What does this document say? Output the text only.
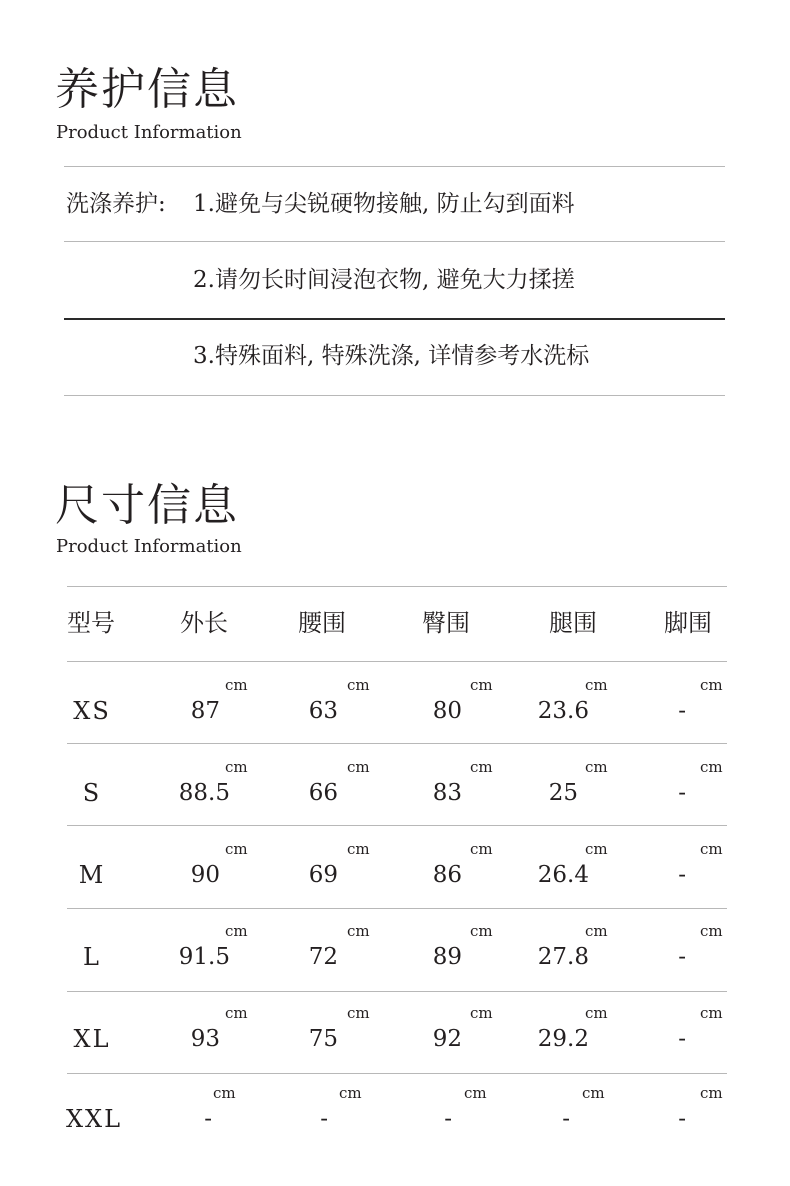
养护信息
Product Information
洗涤养护: 1.避免与尖锐硬物接触, 防止勾到面料
2.请勿长时间浸泡衣物, 避免大力揉搓
3.特殊面料, 特殊洗涤, 详情参考水洗标
尺寸信息
Product Information
型号	外长	腰围	臀围	腿围	脚围
XS	87	63	80	23.6	-
cm	cm	cm	cm	cm
S	88.5	66	83	25	-
cm	cm	cm	cm	cm
M	90	69	86	26.4	-
cm	cm	cm	cm	cm
L	91.5	72	89	27.8	-
cm	cm	cm	cm	cm
XL	93	75	92	29.2	-
cm	cm	cm	cm	cm
XXL	-	-	-	-	-
cm	cm	cm	cm	cm
